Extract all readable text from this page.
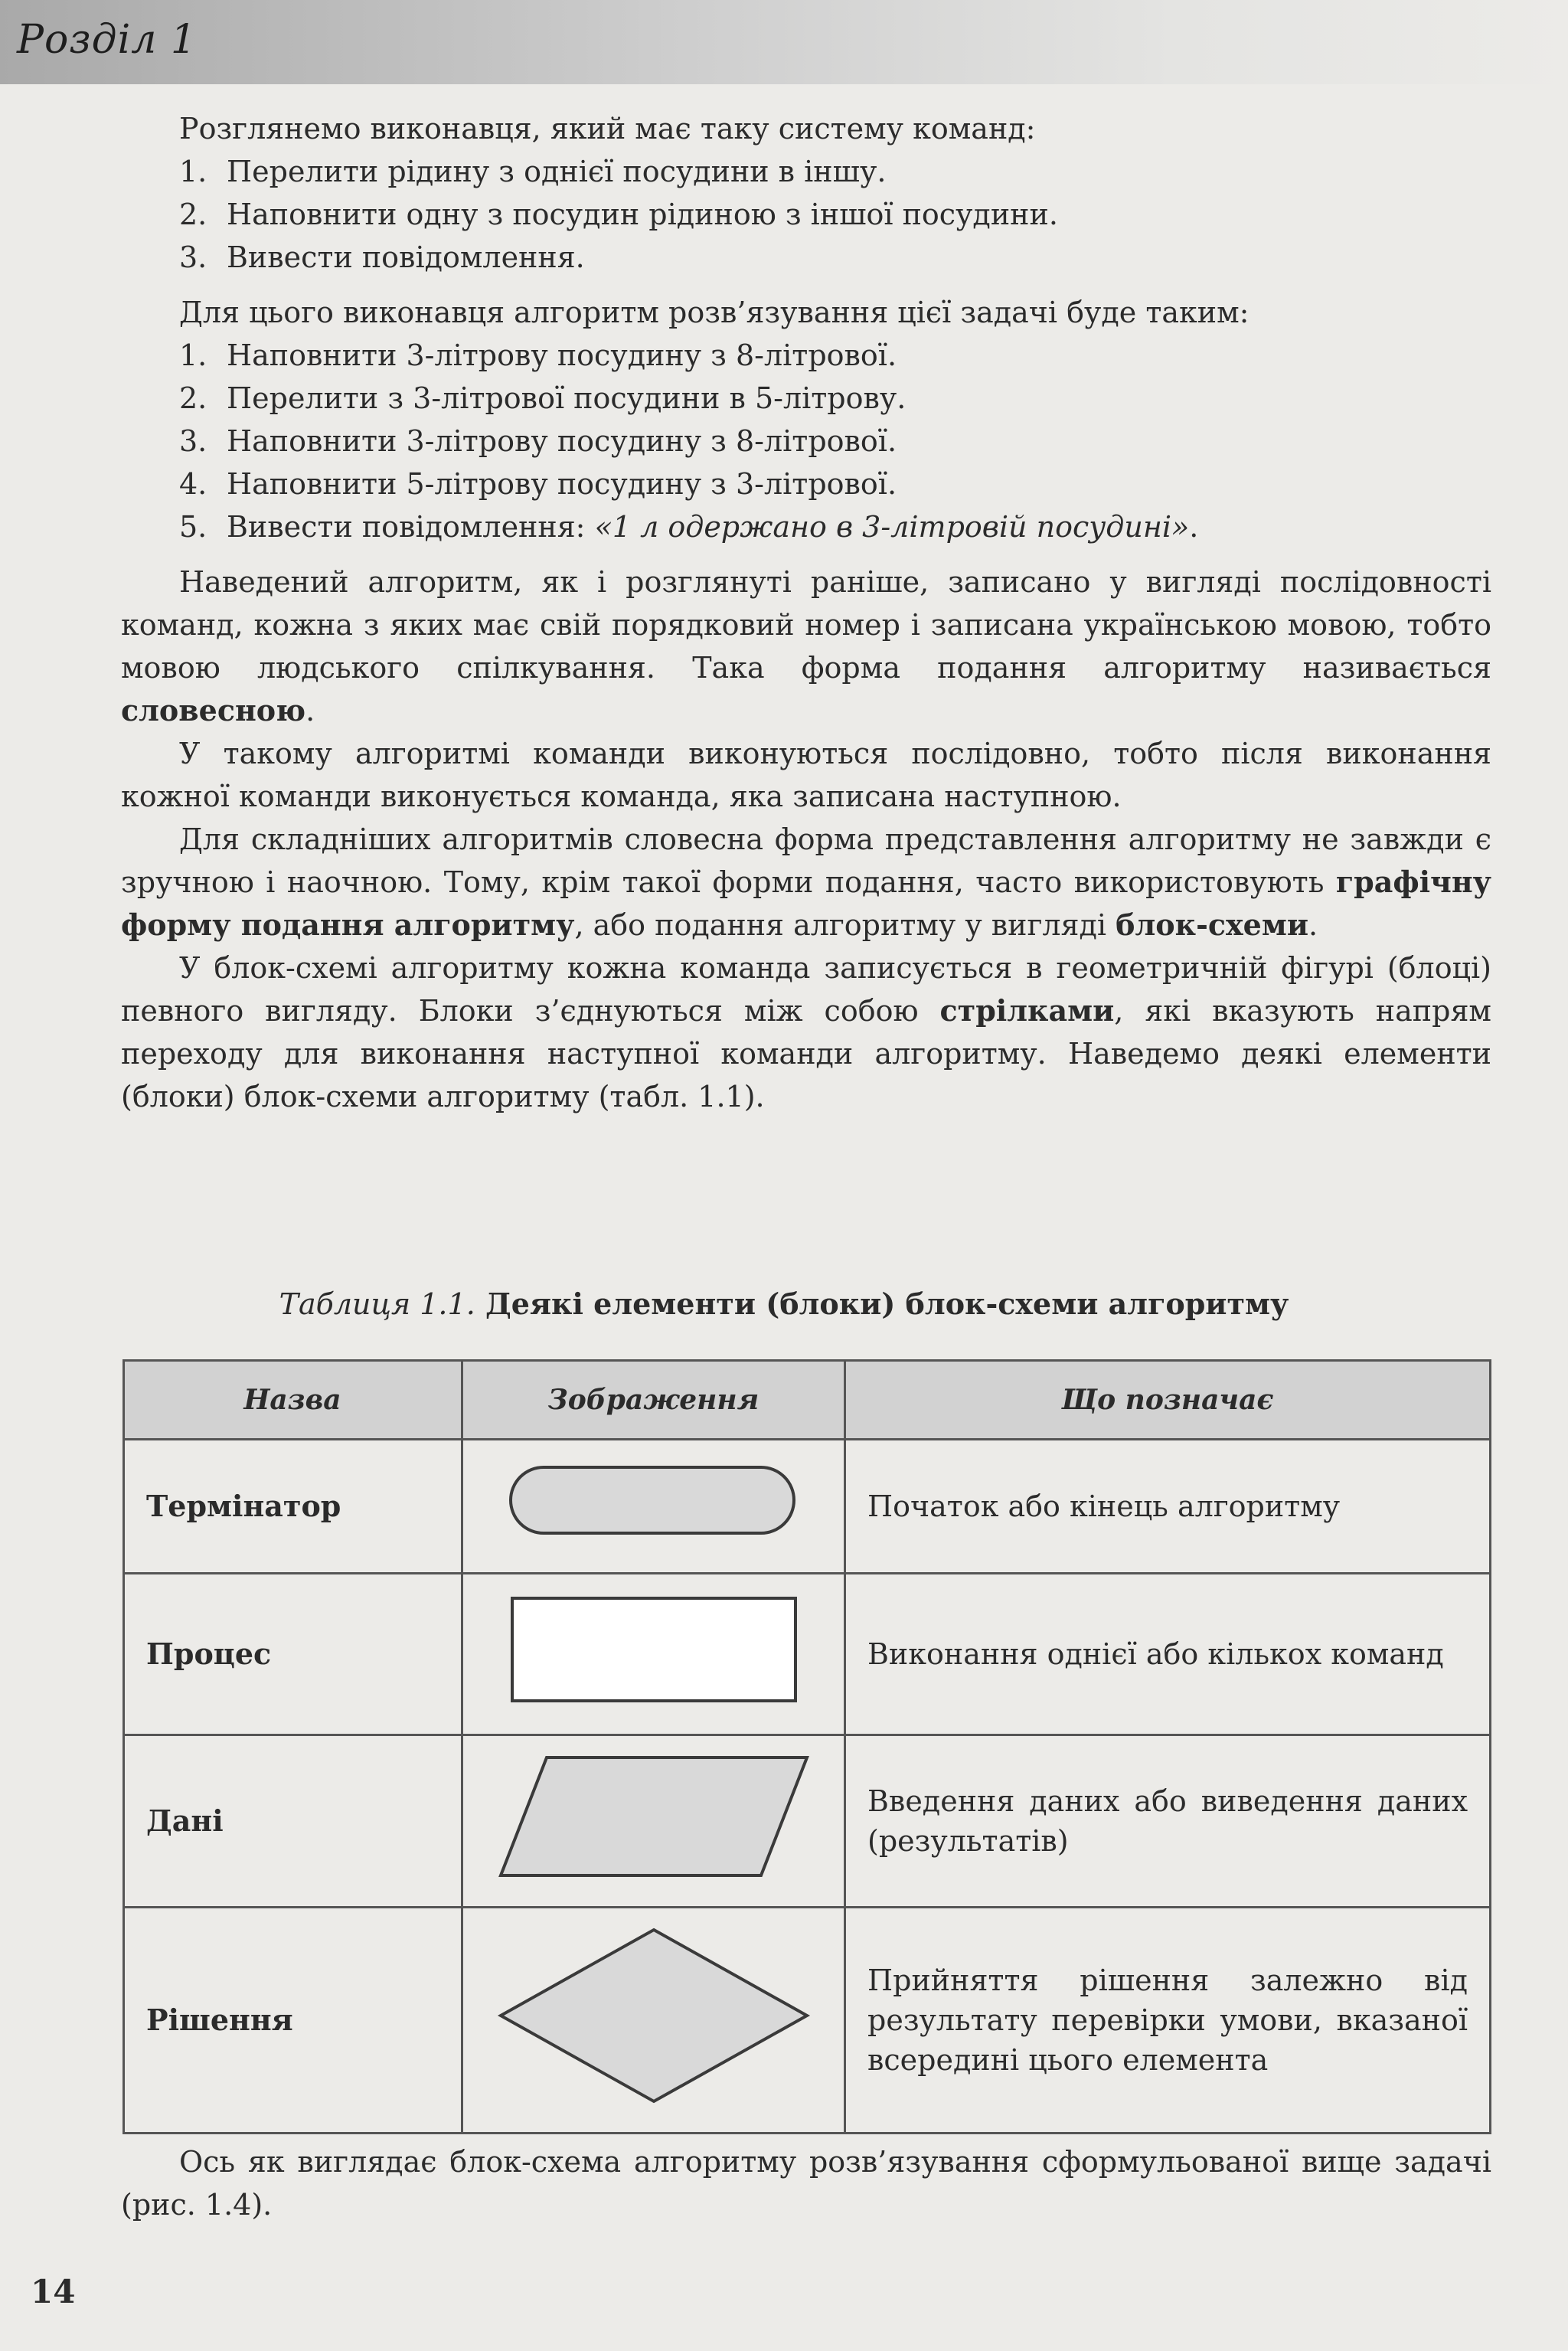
Розділ 1

Розглянемо виконавця, який має таку систему команд:

1. Перелити рідину з однієї посудини в іншу.
2. Наповнити одну з посудин рідиною з іншої посудини.
3. Вивести повідомлення.

Для цього виконавця алгоритм розв’язування цієї задачі буде таким:

1. Наповнити 3-літрову посудину з 8-літрової.
2. Перелити з 3-літрової посудини в 5-літрову.
3. Наповнити 3-літрову посудину з 8-літрової.
4. Наповнити 5-літрову посудину з 3-літрової.
5. Вивести повідомлення: «1 л одержано в 3-літровій посудині».

Наведений алгоритм, як і розглянуті раніше, записано у вигляді послідовності команд, кожна з яких має свій порядковий номер і записана українською мовою, тобто мовою людського спілкування. Така форма подання алгоритму називається словесною.

У такому алгоритмі команди виконуються послідовно, тобто після виконання кожної команди виконується команда, яка записана наступною.

Для складніших алгоритмів словесна форма представлення алгоритму не завжди є зручною і наочною. Тому, крім такої форми подання, часто використовують графічну форму подання алгоритму, або подання алгоритму у вигляді блок-схеми.

У блок-схемі алгоритму кожна команда записується в геометричній фігурі (блоці) певного вигляду. Блоки з’єднуються між собою стрілками, які вказують напрям переходу для виконання наступної команди алгоритму. Наведемо деякі елементи (блоки) блок-схеми алгоритму (табл. 1.1).

Таблиця 1.1. Деякі елементи (блоки) блок-схеми алгоритму
Назва	Зображення	Що позначає
Термінатор		Початок або кінець алгоритму
Процес		Виконання однієї або кількох команд
Дані		Введення даних або виведення даних (результатів)
Рішення		Прийняття рішення залежно від результату перевірки умови, вказаної всередині цього елемента

Ось як виглядає блок-схема алгоритму розв’язування сформульованої вище задачі (рис. 1.4).

14
